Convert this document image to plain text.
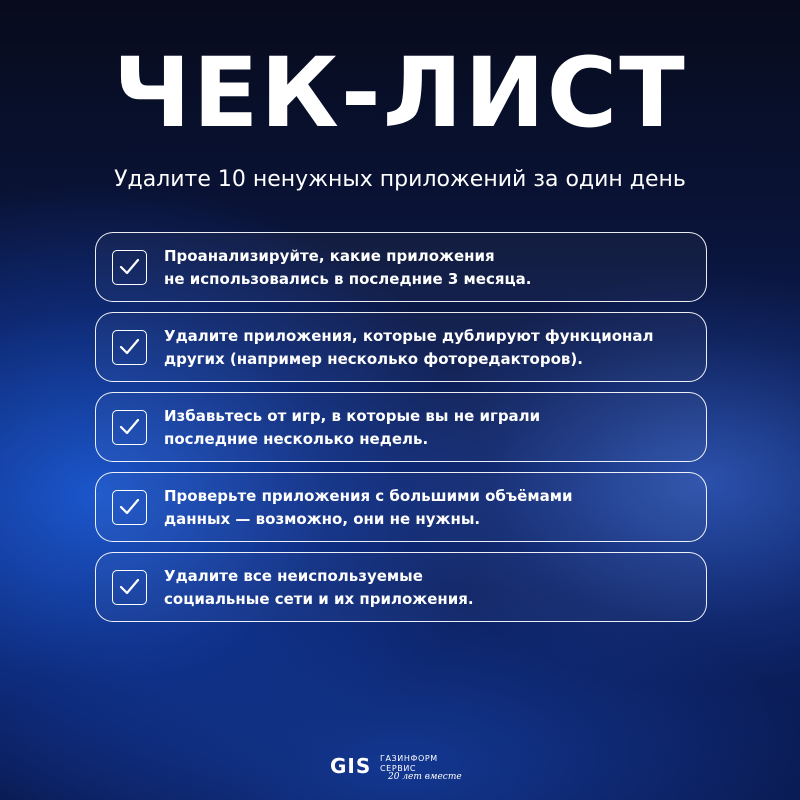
ЧЕК-ЛИСТ
Удалите 10 ненужных приложений за один день
Проанализируйте, какие приложения
не использовались в последние 3 месяца.
Удалите приложения, которые дублируют функционал
других (например несколько фоторедакторов).
Избавьтесь от игр, в которые вы не играли
последние несколько недель.
Проверьте приложения с большими объёмами
данных — возможно, они не нужны.
Удалите все неиспользуемые
социальные сети и их приложения.
GIS ГАЗИНФОРМ
СЕРВИС
20 лет вместе
